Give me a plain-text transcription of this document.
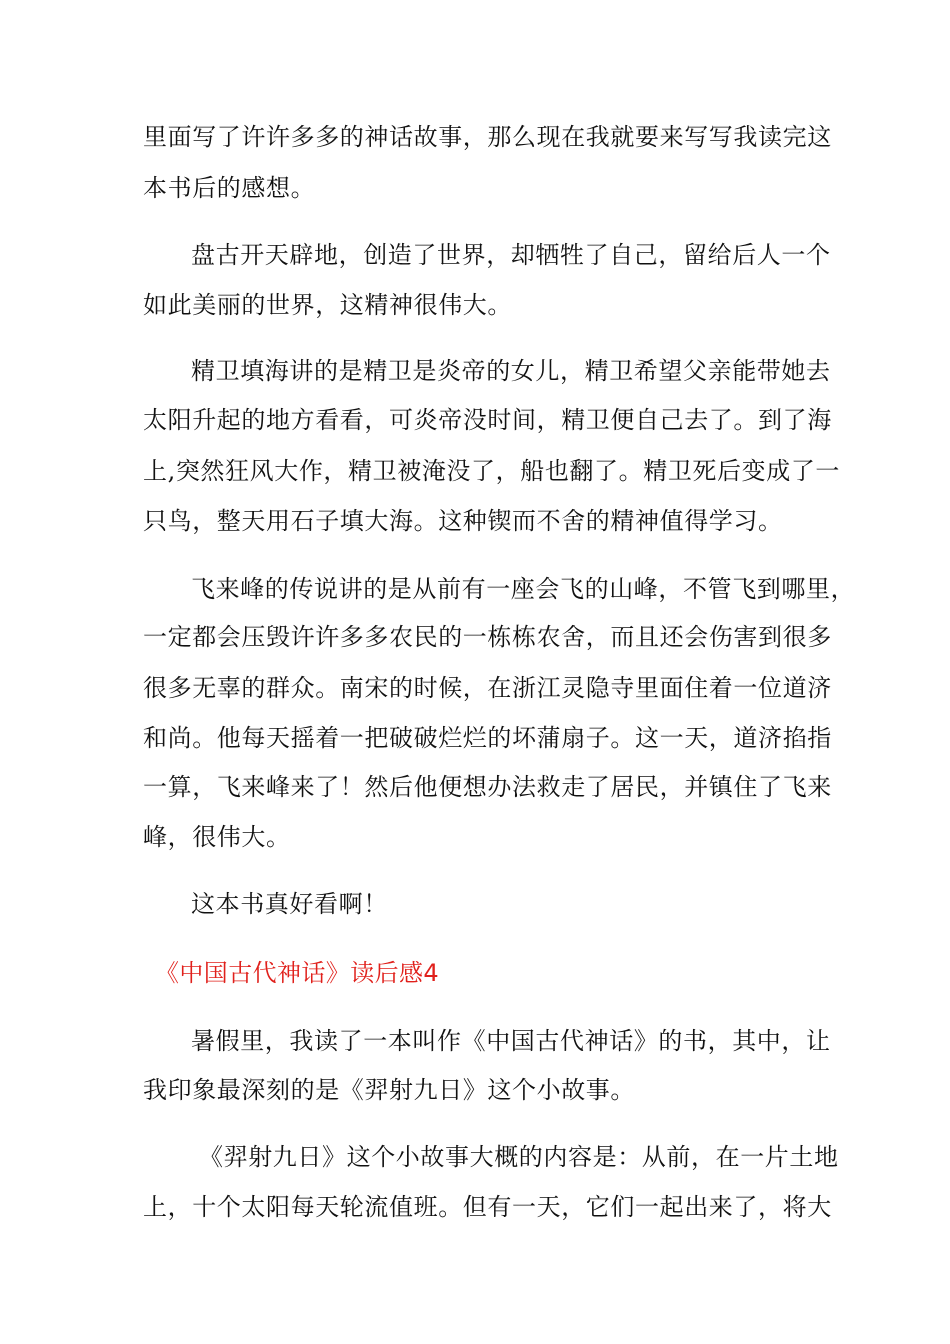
里面写了许许多多的神话故事，那么现在我就要来写写我读完这
本书后的感想。
盘古开天辟地，创造了世界，却牺牲了自己，留给后人一个
如此美丽的世界，这精神很伟大。
精卫填海讲的是精卫是炎帝的女儿，精卫希望父亲能带她去
太阳升起的地方看看，可炎帝没时间，精卫便自己去了。到了海
上,突然狂风大作，精卫被淹没了，船也翻了。精卫死后变成了一
只鸟，整天用石子填大海。这种锲而不舍的精神值得学习。
飞来峰的传说讲的是从前有一座会飞的山峰，不管飞到哪里，
一定都会压毁许许多多农民的一栋栋农舍，而且还会伤害到很多
很多无辜的群众。南宋的时候，在浙江灵隐寺里面住着一位道济
和尚。他每天摇着一把破破烂烂的坏蒲扇子。这一天，道济掐指
一算，飞来峰来了！然后他便想办法救走了居民，并镇住了飞来
峰，很伟大。
这本书真好看啊！
《中国古代神话》读后感4
暑假里，我读了一本叫作《中国古代神话》的书，其中，让
我印象最深刻的是《羿射九日》这个小故事。
《羿射九日》这个小故事大概的内容是：从前，在一片土地
上，十个太阳每天轮流值班。但有一天，它们一起出来了，将大
